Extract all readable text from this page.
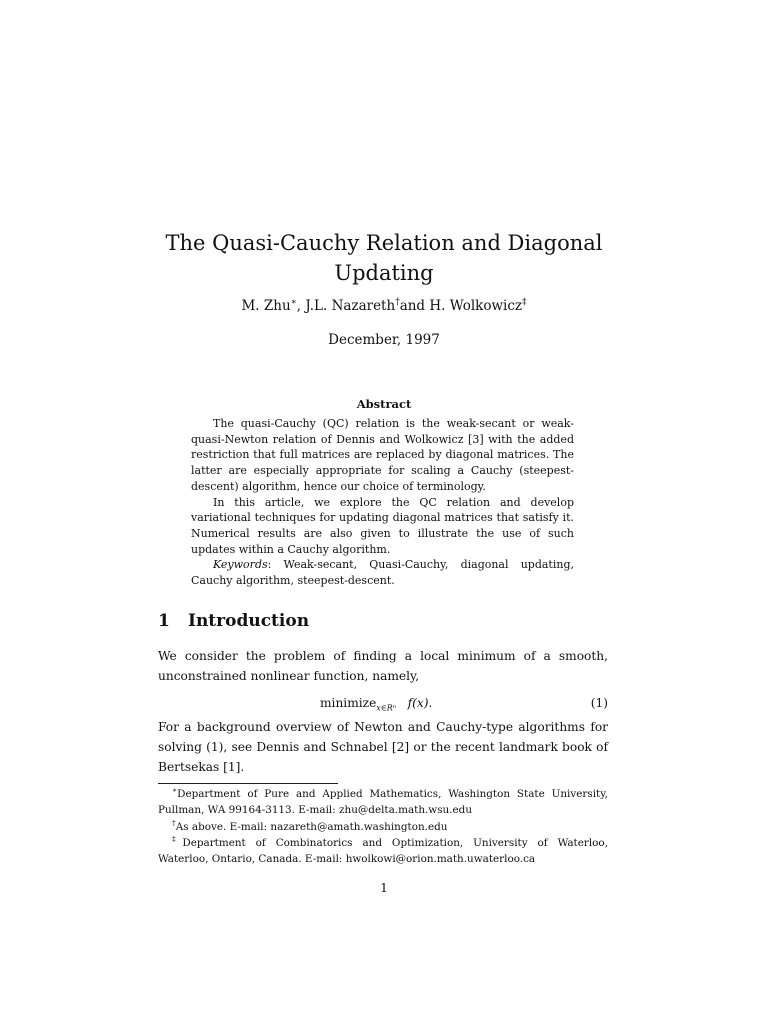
The Quasi-Cauchy Relation and Diagonal Updating
M. Zhu∗, J.L. Nazareth†and H. Wolkowicz‡
December, 1997
Abstract

The quasi-Cauchy (QC) relation is the weak-secant or weak-quasi-Newton relation of Dennis and Wolkowicz [3] with the added restriction that full matrices are replaced by diagonal matrices. The latter are especially appropriate for scaling a Cauchy (steepest-descent) algorithm, hence our choice of terminology.

In this article, we explore the QC relation and develop variational techniques for updating diagonal matrices that satisfy it. Numerical results are also given to illustrate the use of such updates within a Cauchy algorithm.

Keywords: Weak-secant, Quasi-Cauchy, diagonal updating, Cauchy algorithm, steepest-descent.

1 Introduction

We consider the problem of finding a local minimum of a smooth, unconstrained nonlinear function, namely,

minimize$_{x\in R^n}$ f(x).	(1)

For a background overview of Newton and Cauchy-type algorithms for solving (1), see Dennis and Schnabel [2] or the recent landmark book of Bertsekas [1].

∗Department of Pure and Applied Mathematics, Washington State University, Pullman, WA 99164-3113. E-mail: zhu@delta.math.wsu.edu

†As above. E-mail: nazareth@amath.washington.edu

‡Department of Combinatorics and Optimization, University of Waterloo, Waterloo, Ontario, Canada. E-mail: hwolkowi@orion.math.uwaterloo.ca

1
